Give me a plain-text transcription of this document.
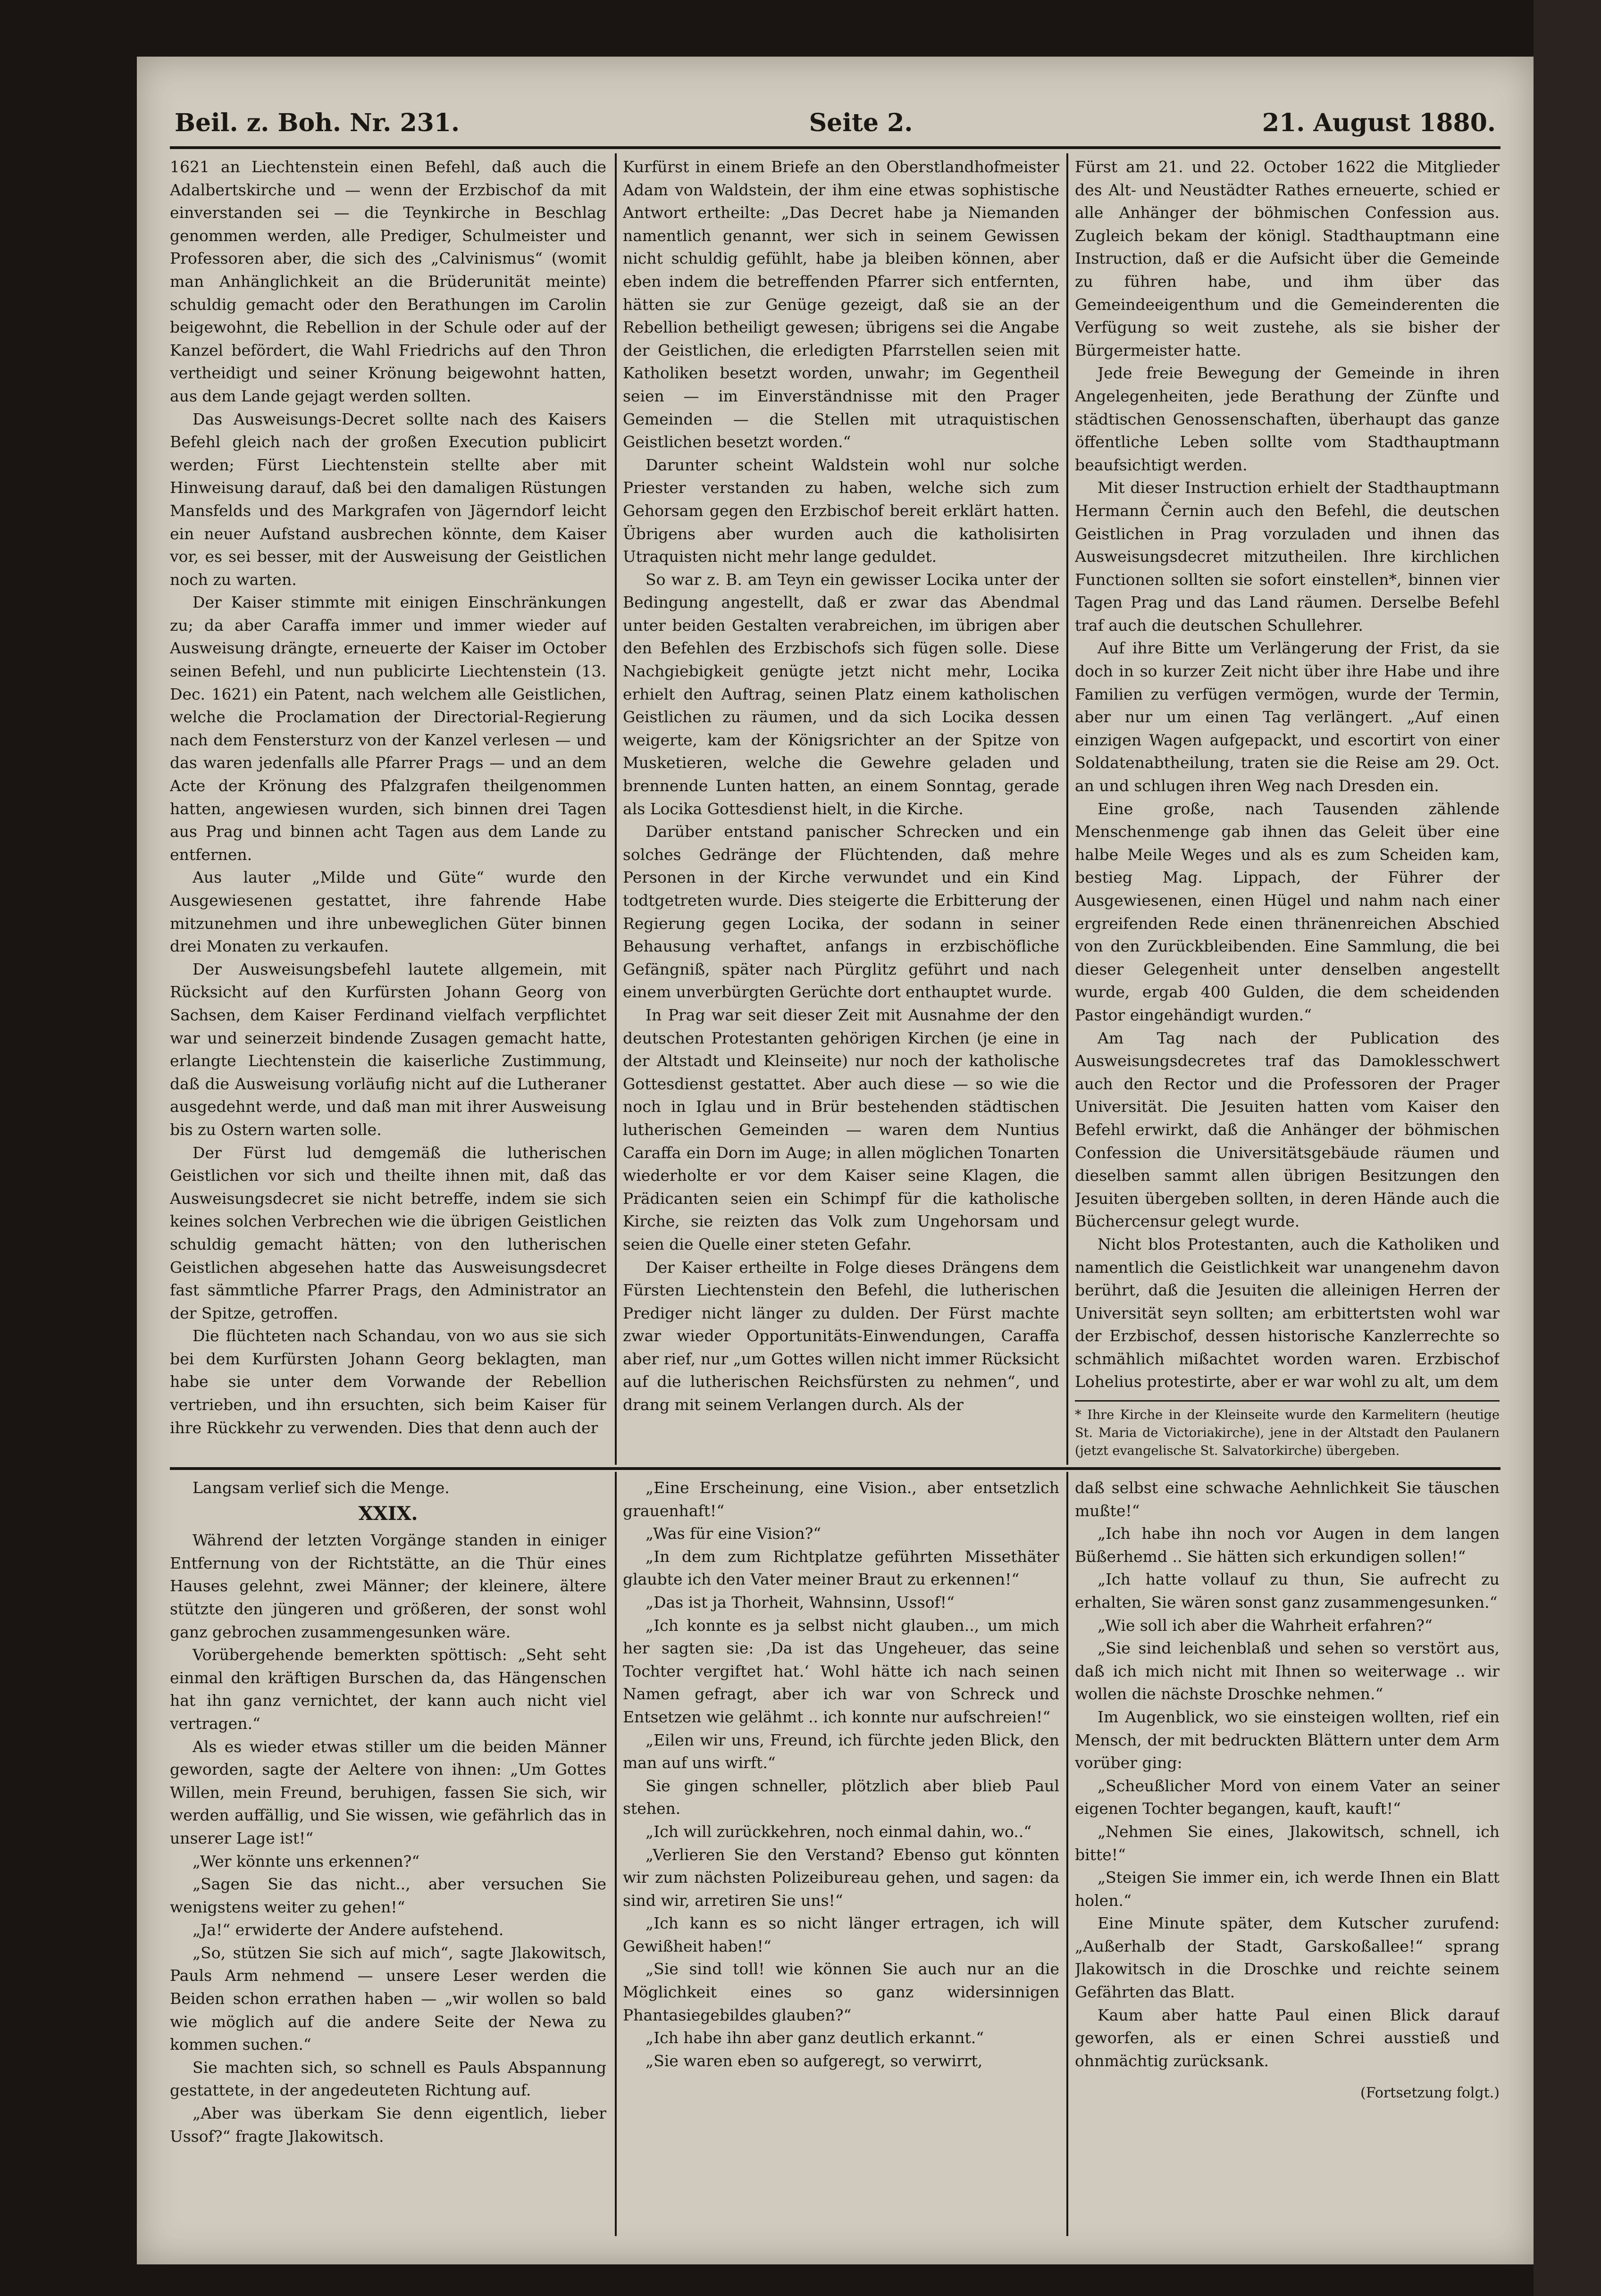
Beil. z. Boh. Nr. 231.	Seite 2.	21. August 1880.

1621 an Liechtenstein einen Befehl, daß auch die Adalbertskirche und — wenn der Erzbischof da mit einverstanden sei — die Teynkirche in Beschlag genommen werden, alle Prediger, Schulmeister und Professoren aber, die sich des „Calvinismus“ (womit man Anhänglichkeit an die Brüderunität meinte) schuldig gemacht oder den Berathungen im Carolin beigewohnt, die Rebellion in der Schule oder auf der Kanzel befördert, die Wahl Friedrichs auf den Thron vertheidigt und seiner Krönung beigewohnt hatten, aus dem Lande gejagt werden sollten.

Das Ausweisungs-Decret sollte nach des Kaisers Befehl gleich nach der großen Execution publicirt werden; Fürst Liechtenstein stellte aber mit Hinweisung darauf, daß bei den damaligen Rüstungen Mansfelds und des Markgrafen von Jägerndorf leicht ein neuer Aufstand ausbrechen könnte, dem Kaiser vor, es sei besser, mit der Ausweisung der Geistlichen noch zu warten.

Der Kaiser stimmte mit einigen Einschränkungen zu; da aber Caraffa immer und immer wieder auf Ausweisung drängte, erneuerte der Kaiser im October seinen Befehl, und nun publicirte Liechtenstein (13. Dec. 1621) ein Patent, nach welchem alle Geistlichen, welche die Proclamation der Directorial-Regierung nach dem Fenstersturz von der Kanzel verlesen — und das waren jedenfalls alle Pfarrer Prags — und an dem Acte der Krönung des Pfalzgrafen theilgenommen hatten, angewiesen wurden, sich binnen drei Tagen aus Prag und binnen acht Tagen aus dem Lande zu entfernen.

Aus lauter „Milde und Güte“ wurde den Ausgewiesenen gestattet, ihre fahrende Habe mitzunehmen und ihre unbeweglichen Güter binnen drei Monaten zu verkaufen.

Der Ausweisungsbefehl lautete allgemein, mit Rücksicht auf den Kurfürsten Johann Georg von Sachsen, dem Kaiser Ferdinand vielfach verpflichtet war und seinerzeit bindende Zusagen gemacht hatte, erlangte Liechtenstein die kaiserliche Zustimmung, daß die Ausweisung vorläufig nicht auf die Lutheraner ausgedehnt werde, und daß man mit ihrer Ausweisung bis zu Ostern warten solle.

Der Fürst lud demgemäß die lutherischen Geistlichen vor sich und theilte ihnen mit, daß das Ausweisungsdecret sie nicht betreffe, indem sie sich keines solchen Verbrechen wie die übrigen Geistlichen schuldig gemacht hätten; von den lutherischen Geistlichen abgesehen hatte das Ausweisungsdecret fast sämmtliche Pfarrer Prags, den Administrator an der Spitze, getroffen.

Die flüchteten nach Schandau, von wo aus sie sich bei dem Kurfürsten Johann Georg beklagten, man habe sie unter dem Vorwande der Rebellion vertrieben, und ihn ersuchten, sich beim Kaiser für ihre Rückkehr zu verwenden. Dies that denn auch der

Kurfürst in einem Briefe an den Oberstlandhofmeister Adam von Waldstein, der ihm eine etwas sophistische Antwort ertheilte: „Das Decret habe ja Niemanden namentlich genannt, wer sich in seinem Gewissen nicht schuldig gefühlt, habe ja bleiben können, aber eben indem die betreffenden Pfarrer sich entfernten, hätten sie zur Genüge gezeigt, daß sie an der Rebellion betheiligt gewesen; übrigens sei die Angabe der Geistlichen, die erledigten Pfarrstellen seien mit Katholiken besetzt worden, unwahr; im Gegentheil seien — im Einverständnisse mit den Prager Gemeinden — die Stellen mit utraquistischen Geistlichen besetzt worden.“

Darunter scheint Waldstein wohl nur solche Priester verstanden zu haben, welche sich zum Gehorsam gegen den Erzbischof bereit erklärt hatten. Übrigens aber wurden auch die katholisirten Utraquisten nicht mehr lange geduldet.

So war z. B. am Teyn ein gewisser Locika unter der Bedingung angestellt, daß er zwar das Abendmal unter beiden Gestalten verabreichen, im übrigen aber den Befehlen des Erzbischofs sich fügen solle. Diese Nachgiebigkeit genügte jetzt nicht mehr, Locika erhielt den Auftrag, seinen Platz einem katholischen Geistlichen zu räumen, und da sich Locika dessen weigerte, kam der Königsrichter an der Spitze von Musketieren, welche die Gewehre geladen und brennende Lunten hatten, an einem Sonntag, gerade als Locika Gottesdienst hielt, in die Kirche.

Darüber entstand panischer Schrecken und ein solches Gedränge der Flüchtenden, daß mehre Personen in der Kirche verwundet und ein Kind todtgetreten wurde. Dies steigerte die Erbitterung der Regierung gegen Locika, der sodann in seiner Behausung verhaftet, anfangs in erzbischöfliche Gefängniß, später nach Pürglitz geführt und nach einem unverbürgten Gerüchte dort enthauptet wurde.

In Prag war seit dieser Zeit mit Ausnahme der den deutschen Protestanten gehörigen Kirchen (je eine in der Altstadt und Kleinseite) nur noch der katholische Gottesdienst gestattet. Aber auch diese — so wie die noch in Iglau und in Brür bestehenden städtischen lutherischen Gemeinden — waren dem Nuntius Caraffa ein Dorn im Auge; in allen möglichen Tonarten wiederholte er vor dem Kaiser seine Klagen, die Prädicanten seien ein Schimpf für die katholische Kirche, sie reizten das Volk zum Ungehorsam und seien die Quelle einer steten Gefahr.

Der Kaiser ertheilte in Folge dieses Drängens dem Fürsten Liechtenstein den Befehl, die lutherischen Prediger nicht länger zu dulden. Der Fürst machte zwar wieder Opportunitäts-Einwendungen, Caraffa aber rief, nur „um Gottes willen nicht immer Rücksicht auf die lutherischen Reichsfürsten zu nehmen“, und drang mit seinem Verlangen durch. Als der

Fürst am 21. und 22. October 1622 die Mitglieder des Alt- und Neustädter Rathes erneuerte, schied er alle Anhänger der böhmischen Confession aus. Zugleich bekam der königl. Stadthauptmann eine Instruction, daß er die Aufsicht über die Gemeinde zu führen habe, und ihm über das Gemeindeeigenthum und die Gemeinderenten die Verfügung so weit zustehe, als sie bisher der Bürgermeister hatte.

Jede freie Bewegung der Gemeinde in ihren Angelegenheiten, jede Berathung der Zünfte und städtischen Genossenschaften, überhaupt das ganze öffentliche Leben sollte vom Stadthauptmann beaufsichtigt werden.

Mit dieser Instruction erhielt der Stadthauptmann Hermann Černin auch den Befehl, die deutschen Geistlichen in Prag vorzuladen und ihnen das Ausweisungsdecret mitzutheilen. Ihre kirchlichen Functionen sollten sie sofort einstellen*, binnen vier Tagen Prag und das Land räumen. Derselbe Befehl traf auch die deutschen Schullehrer.

Auf ihre Bitte um Verlängerung der Frist, da sie doch in so kurzer Zeit nicht über ihre Habe und ihre Familien zu verfügen vermögen, wurde der Termin, aber nur um einen Tag verlängert. „Auf einen einzigen Wagen aufgepackt, und escortirt von einer Soldatenabtheilung, traten sie die Reise am 29. Oct. an und schlugen ihren Weg nach Dresden ein.

Eine große, nach Tausenden zählende Menschenmenge gab ihnen das Geleit über eine halbe Meile Weges und als es zum Scheiden kam, bestieg Mag. Lippach, der Führer der Ausgewiesenen, einen Hügel und nahm nach einer ergreifenden Rede einen thränenreichen Abschied von den Zurückbleibenden. Eine Sammlung, die bei dieser Gelegenheit unter denselben angestellt wurde, ergab 400 Gulden, die dem scheidenden Pastor eingehändigt wurden.“

Am Tag nach der Publication des Ausweisungsdecretes traf das Damoklesschwert auch den Rector und die Professoren der Prager Universität. Die Jesuiten hatten vom Kaiser den Befehl erwirkt, daß die Anhänger der böhmischen Confession die Universitätsgebäude räumen und dieselben sammt allen übrigen Besitzungen den Jesuiten übergeben sollten, in deren Hände auch die Büchercensur gelegt wurde.

Nicht blos Protestanten, auch die Katholiken und namentlich die Geistlichkeit war unangenehm davon berührt, daß die Jesuiten die alleinigen Herren der Universität seyn sollten; am erbittertsten wohl war der Erzbischof, dessen historische Kanzlerrechte so schmählich mißachtet worden waren. Erzbischof Lohelius protestirte, aber er war wohl zu alt, um dem

* Ihre Kirche in der Kleinseite wurde den Karmelitern (heutige St. Maria de Victoriakirche), jene in der Altstadt den Paulanern (jetzt evangelische St. Salvatorkirche) übergeben.

Langsam verlief sich die Menge.

XXIX.

Während der letzten Vorgänge standen in einiger Entfernung von der Richtstätte, an die Thür eines Hauses gelehnt, zwei Männer; der kleinere, ältere stützte den jüngeren und größeren, der sonst wohl ganz gebrochen zusammengesunken wäre.

Vorübergehende bemerkten spöttisch: „Seht seht einmal den kräftigen Burschen da, das Hängenschen hat ihn ganz vernichtet, der kann auch nicht viel vertragen.“

Als es wieder etwas stiller um die beiden Männer geworden, sagte der Aeltere von ihnen: „Um Gottes Willen, mein Freund, beruhigen, fassen Sie sich, wir werden auffällig, und Sie wissen, wie gefährlich das in unserer Lage ist!“

„Wer könnte uns erkennen?“

„Sagen Sie das nicht.., aber versuchen Sie wenigstens weiter zu gehen!“

„Ja!“ erwiderte der Andere aufstehend.

„So, stützen Sie sich auf mich“, sagte Jlakowitsch, Pauls Arm nehmend — unsere Leser werden die Beiden schon errathen haben — „wir wollen so bald wie möglich auf die andere Seite der Newa zu kommen suchen.“

Sie machten sich, so schnell es Pauls Abspannung gestattete, in der angedeuteten Richtung auf.

„Aber was überkam Sie denn eigentlich, lieber Ussof?“ fragte Jlakowitsch.

„Eine Erscheinung, eine Vision., aber entsetzlich grauenhaft!“

„Was für eine Vision?“

„In dem zum Richtplatze geführten Missethäter glaubte ich den Vater meiner Braut zu erkennen!“

„Das ist ja Thorheit, Wahnsinn, Ussof!“

„Ich konnte es ja selbst nicht glauben.., um mich her sagten sie: ‚Da ist das Ungeheuer, das seine Tochter vergiftet hat.‘ Wohl hätte ich nach seinen Namen gefragt, aber ich war von Schreck und Entsetzen wie gelähmt .. ich konnte nur aufschreien!“

„Eilen wir uns, Freund, ich fürchte jeden Blick, den man auf uns wirft.“

Sie gingen schneller, plötzlich aber blieb Paul stehen.

„Ich will zurückkehren, noch einmal dahin, wo..“

„Verlieren Sie den Verstand? Ebenso gut könnten wir zum nächsten Polizeibureau gehen, und sagen: da sind wir, arretiren Sie uns!“

„Ich kann es so nicht länger ertragen, ich will Gewißheit haben!“

„Sie sind toll! wie können Sie auch nur an die Möglichkeit eines so ganz widersinnigen Phantasiegebildes glauben?“

„Ich habe ihn aber ganz deutlich erkannt.“

„Sie waren eben so aufgeregt, so verwirrt,

daß selbst eine schwache Aehnlichkeit Sie täuschen mußte!“

„Ich habe ihn noch vor Augen in dem langen Büßerhemd .. Sie hätten sich erkundigen sollen!“

„Ich hatte vollauf zu thun, Sie aufrecht zu erhalten, Sie wären sonst ganz zusammengesunken.“

„Wie soll ich aber die Wahrheit erfahren?“

„Sie sind leichenblaß und sehen so verstört aus, daß ich mich nicht mit Ihnen so weiterwage .. wir wollen die nächste Droschke nehmen.“

Im Augenblick, wo sie einsteigen wollten, rief ein Mensch, der mit bedruckten Blättern unter dem Arm vorüber ging:

„Scheußlicher Mord von einem Vater an seiner eigenen Tochter begangen, kauft, kauft!“

„Nehmen Sie eines, Jlakowitsch, schnell, ich bitte!“

„Steigen Sie immer ein, ich werde Ihnen ein Blatt holen.“

Eine Minute später, dem Kutscher zurufend: „Außerhalb der Stadt, Garskoßallee!“ sprang Jlakowitsch in die Droschke und reichte seinem Gefährten das Blatt.

Kaum aber hatte Paul einen Blick darauf geworfen, als er einen Schrei ausstieß und ohnmächtig zurücksank.

(Fortsetzung folgt.)
